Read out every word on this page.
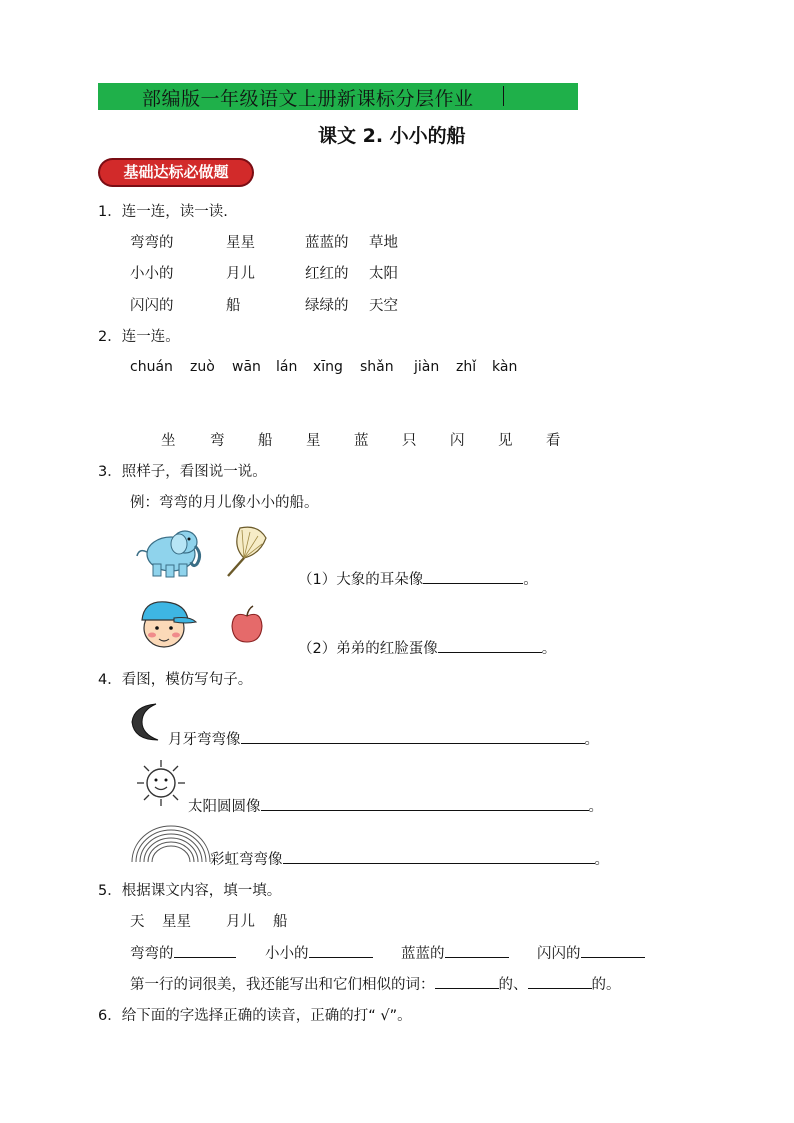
部编版一年级语文上册新课标分层作业
课文 2. 小小的船
基础达标必做题
1．连一连，读一读.
弯弯的	星星	蓝蓝的 草地
小小的	月儿	红红的 太阳
闪闪的	船	绿绿的 天空
2．连一连。
chuán zuò wān lán xīng shǎn jiàn zhǐ kàn
坐 弯 船 星 蓝 只 闪 见 看
3．照样子，看图说一说。
例：弯弯的月儿像小小的船。
（1）大象的耳朵像	。
（2）弟弟的红脸蛋像	。
4．看图，模仿写句子。
月牙弯弯像	。
太阳圆圆像	。
彩虹弯弯像	。
5．根据课文内容，填一填。
天 星星 月儿 船
弯弯的	小小的	蓝蓝的	闪闪的
第一行的词很美，我还能写出和它们相似的词：	的、	的。
6．给下面的字选择正确的读音，正确的打“ √”。
